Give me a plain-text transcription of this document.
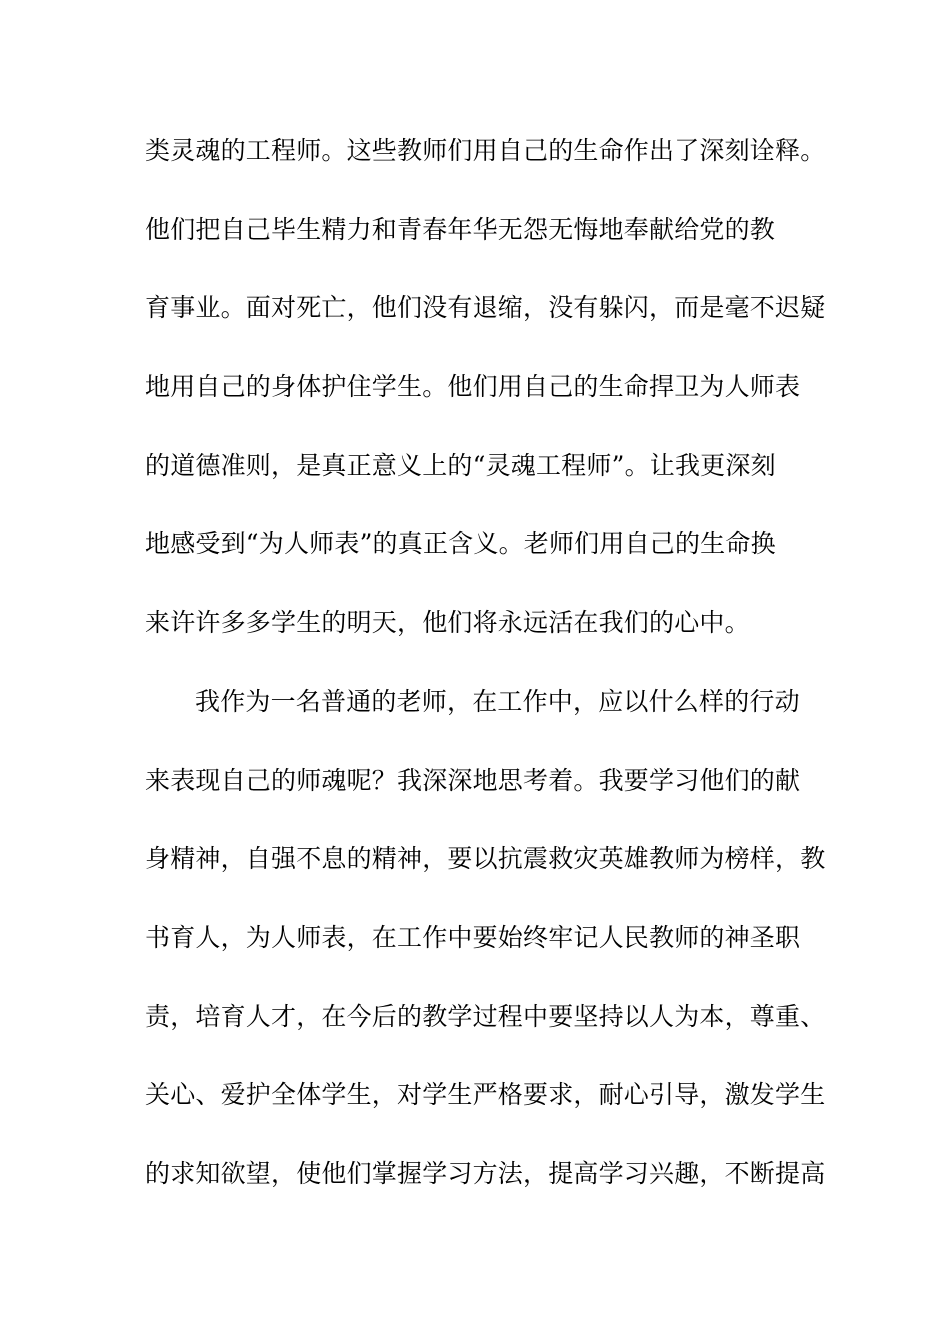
类灵魂的工程师。这些教师们用自己的生命作出了深刻诠释。
他们把自己毕生精力和青春年华无怨无悔地奉献给党的教
育事业。面对死亡，他们没有退缩，没有躲闪，而是毫不迟疑
地用自己的身体护住学生。他们用自己的生命捍卫为人师表
的道德准则，是真正意义上的“灵魂工程师”。让我更深刻
地感受到“为人师表”的真正含义。老师们用自己的生命换
来许许多多学生的明天，他们将永远活在我们的心中。
我作为一名普通的老师，在工作中，应以什么样的行动
来表现自己的师魂呢？我深深地思考着。我要学习他们的献
身精神，自强不息的精神，要以抗震救灾英雄教师为榜样，教
书育人，为人师表，在工作中要始终牢记人民教师的神圣职
责，培育人才，在今后的教学过程中要坚持以人为本，尊重、
关心、爱护全体学生，对学生严格要求，耐心引导，激发学生
的求知欲望，使他们掌握学习方法，提高学习兴趣，不断提高
